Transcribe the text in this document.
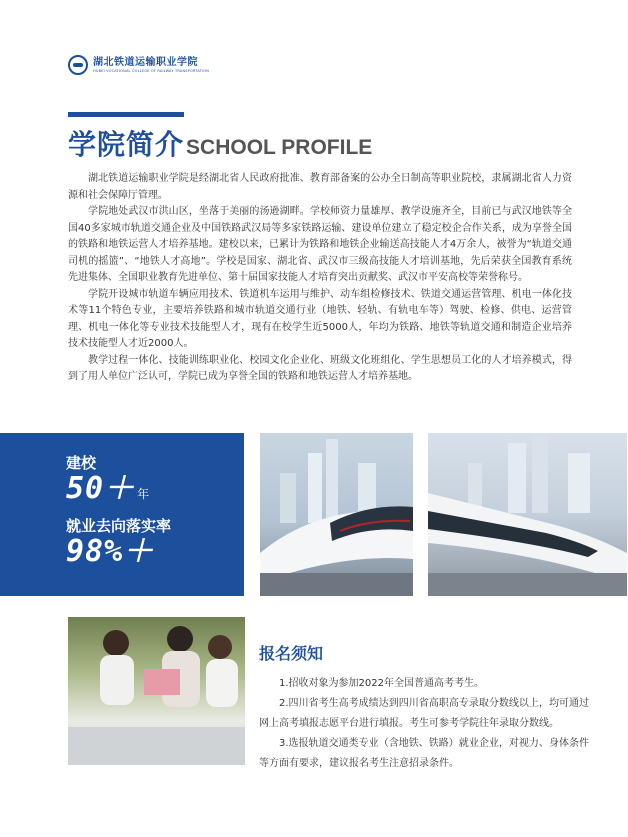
湖北铁道运输职业学院
HUBEI VOCATIONAL COLLEGE OF RAILWAY TRANSPORTATION
学院简介 SCHOOL PROFILE

湖北铁道运输职业学院是经湖北省人民政府批准、教育部备案的公办全日制高等职业院校，隶属湖北省人力资源和社会保障厅管理。

学院地处武汉市洪山区，坐落于美丽的汤逊湖畔。学校师资力量雄厚、教学设施齐全，目前已与武汉地铁等全国40多家城市轨道交通企业及中国铁路武汉局等多家铁路运输、建设单位建立了稳定校企合作关系，成为享誉全国的铁路和地铁运营人才培养基地。建校以来，已累计为铁路和地铁企业输送高技能人才4万余人，被誉为“轨道交通司机的摇篮”、“地铁人才高地”。学校是国家、湖北省、武汉市三级高技能人才培训基地，先后荣获全国教育系统先进集体、全国职业教育先进单位、第十届国家技能人才培育突出贡献奖、武汉市平安高校等荣誉称号。

学院开设城市轨道车辆应用技术、铁道机车运用与维护、动车组检修技术、铁道交通运营管理、机电一体化技术等11个特色专业，主要培养铁路和城市轨道交通行业（地铁、轻轨、有轨电车等）驾驶、检修、供电、运营管理、机电一体化等专业技术技能型人才，现有在校学生近5000人，年均为铁路、地铁等轨道交通和制造企业培养技术技能型人才近2000人。

教学过程一体化、技能训练职业化、校园文化企业化、班级文化班组化、学生思想员工化的人才培养模式，得到了用人单位广泛认可，学院已成为享誉全国的铁路和地铁运营人才培养基地。

建校
50＋ 年
就业去向落实率
98%＋
报名须知

1.招收对象为参加2022年全国普通高考考生。

2.四川省考生高考成绩达到四川省高职高专录取分数线以上，均可通过网上高考填报志愿平台进行填报。考生可参考学院往年录取分数线。

3.选报轨道交通类专业（含地铁、铁路）就业企业，对视力、身体条件等方面有要求，建议报名考生注意招录条件。
